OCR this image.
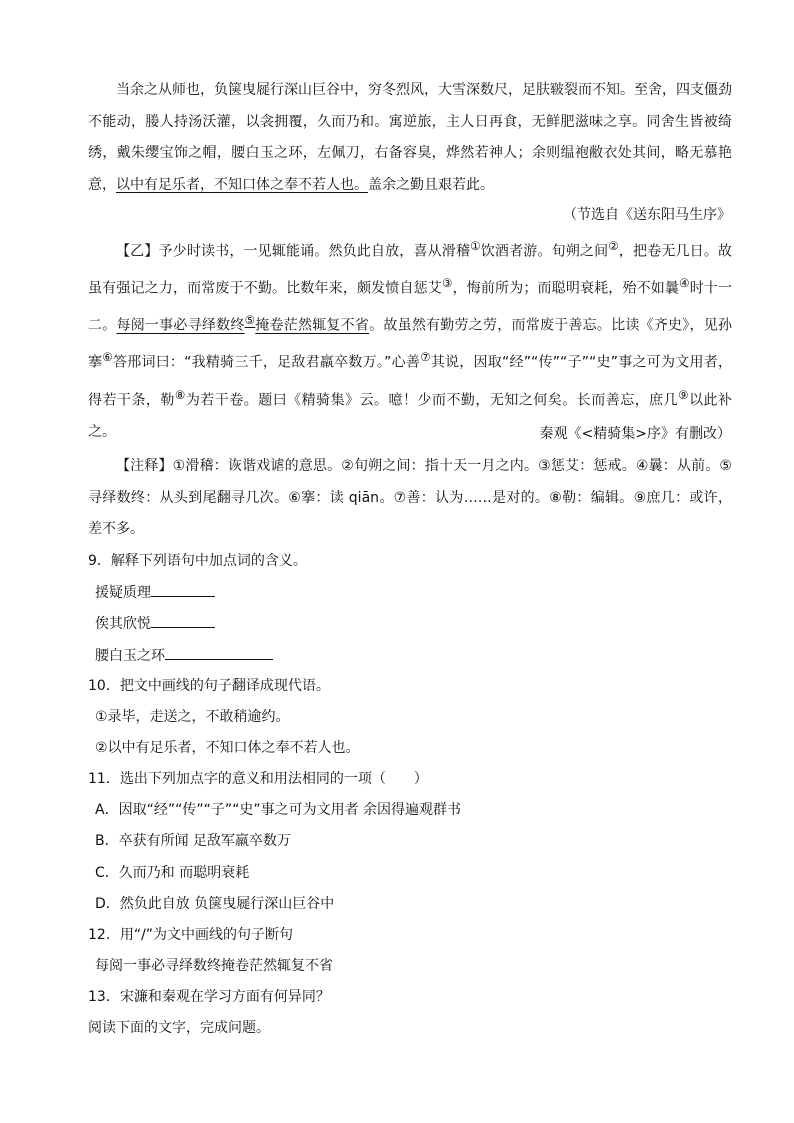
当余之从师也，负箧曳屣行深山巨谷中，穷冬烈风，大雪深数尺，足肤皲裂而不知。至舍，四支僵劲不能动，媵人持汤沃灌，以衾拥覆，久而乃和。寓逆旅，主人日再食，无鲜肥滋味之享。同舍生皆被绮绣，戴朱缨宝饰之帽，腰白玉之环，左佩刀，右备容臭，烨然若神人；余则缊袍敝衣处其间，略无慕艳意，以中有足乐者，不知口体之奉不若人也。盖余之勤且艰若此。

（节选自《送东阳马生序》

【乙】予少时读书，一见辄能诵。然负此自放，喜从滑稽①饮酒者游。旬朔之间②，把卷无几日。故虽有强记之力，而常废于不勤。比数年来，颇发愤自惩艾③，悔前所为；而聪明衰耗，殆不如曩④时十一二。每阅一事必寻绎数终⑤掩卷茫然辄复不省。故虽然有勤劳之劳，而常废于善忘。比读《齐史》，见孙搴⑥答邢词曰：“我精骑三千，足敌君羸卒数万。”心善⑦其说，因取“经”“传”“子”“史”事之可为文用者，得若干条，勒⑧为若干卷。题曰《精骑集》云。噫！少而不勤，无知之何矣。长而善忘，庶几⑨以此补之。	秦观《<精骑集>序》有删改）

【注释】①滑稽：诙谐戏谑的意思。②旬朔之间：指十天一月之内。③惩艾：惩戒。④曩：从前。⑤寻绎数终：从头到尾翻寻几次。⑥搴：读 qiān。⑦善：认为……是对的。⑧勒：编辑。⑨庶几：或许，差不多。

9．解释下列语句中加点词的含义。

援疑质理

俟其欣悦

腰白玉之环

10．把文中画线的句子翻译成现代语。

①录毕，走送之，不敢稍逾约。

②以中有足乐者，不知口体之奉不若人也。

11．选出下列加点字的意义和用法相同的一项（　　）

A．因取“经”“传”“子”“史”事之可为文用者 余因得遍观群书

B．卒获有所闻 足敌军羸卒数万

C．久而乃和 而聪明衰耗

D．然负此自放 负箧曳屣行深山巨谷中

12．用“/”为文中画线的句子断句

每阅一事必寻绎数终掩卷茫然辄复不省

13．宋濂和秦观在学习方面有何异同？

阅读下面的文字，完成问题。
